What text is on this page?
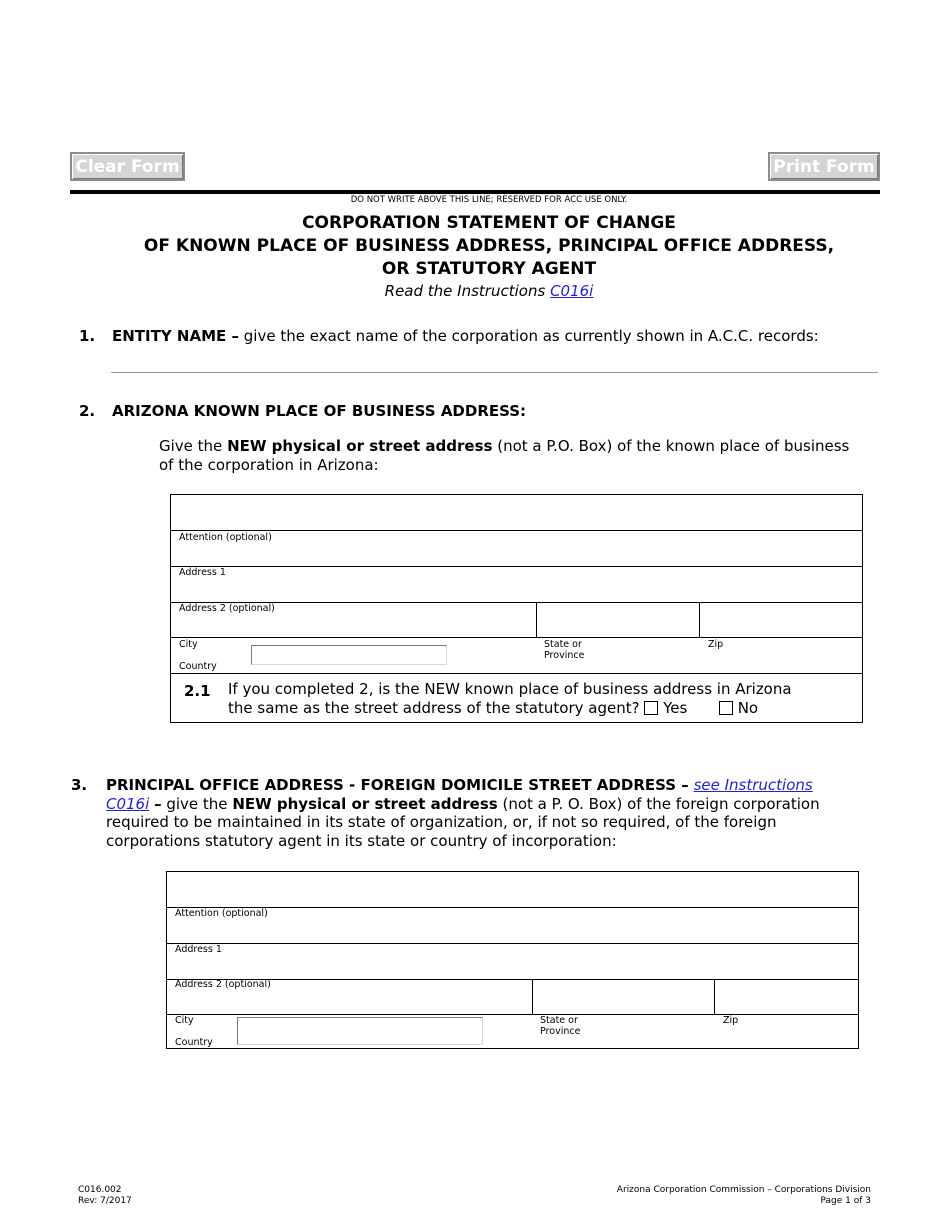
Clear Form	Print Form
DO NOT WRITE ABOVE THIS LINE; RESERVED FOR ACC USE ONLY.
CORPORATION STATEMENT OF CHANGE
OF KNOWN PLACE OF BUSINESS ADDRESS, PRINCIPAL OFFICE ADDRESS,
OR STATUTORY AGENT
Read the Instructions C016i
1. ENTITY NAME – give the exact name of the corporation as currently shown in A.C.C. records:
2. ARIZONA KNOWN PLACE OF BUSINESS ADDRESS:
Give the NEW physical or street address (not a P.O. Box) of the known place of business
of the corporation in Arizona:
Attention (optional)
Address 1
Address 2 (optional)
City	State or
Province
Zip
Country
2.1 If you completed 2, is the NEW known place of business address in Arizona
the same as the street address of the statutory agent? Yes	No
3. PRINCIPAL OFFICE ADDRESS - FOREIGN DOMICILE STREET ADDRESS – see Instructions
C016i – give the NEW physical or street address (not a P. O. Box) of the foreign corporation
required to be maintained in its state of organization, or, if not so required, of the foreign
corporations statutory agent in its state or country of incorporation:
Attention (optional)
Address 1
Address 2 (optional)
City	State or
Province
Zip
Country
C016.002
Rev: 7/2017
Arizona Corporation Commission – Corporations Division
Page 1 of 3
